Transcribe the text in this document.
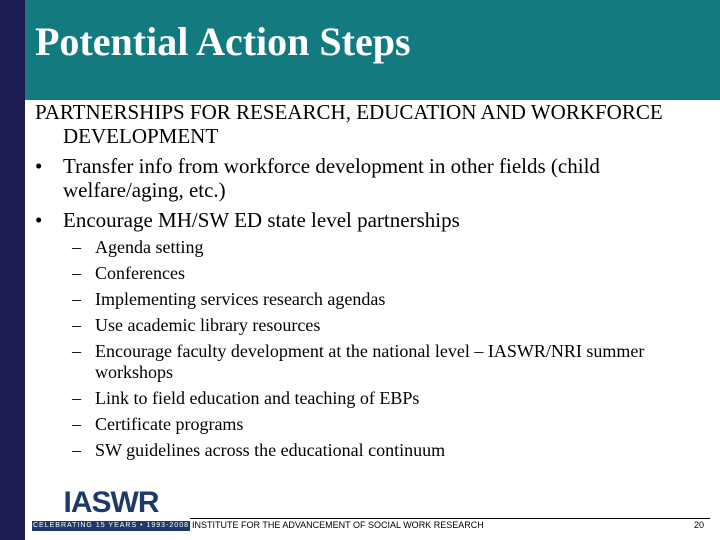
Potential Action Steps

PARTNERSHIPS FOR RESEARCH, EDUCATION AND WORKFORCE DEVELOPMENT

• Transfer info from workforce development in other fields (child welfare/aging, etc.)
• Encourage MH/SW ED state level partnerships
– Agenda setting
– Conferences
– Implementing services research agendas
– Use academic library resources
– Encourage faculty development at the national level – IASWR/NRI summer workshops
– Link to field education and teaching of EBPs
– Certificate programs
– SW guidelines across the educational continuum
IASWR
CELEBRATING 15 YEARS • 1993-2008 INSTITUTE FOR THE ADVANCEMENT OF SOCIAL WORK RESEARCH	20
